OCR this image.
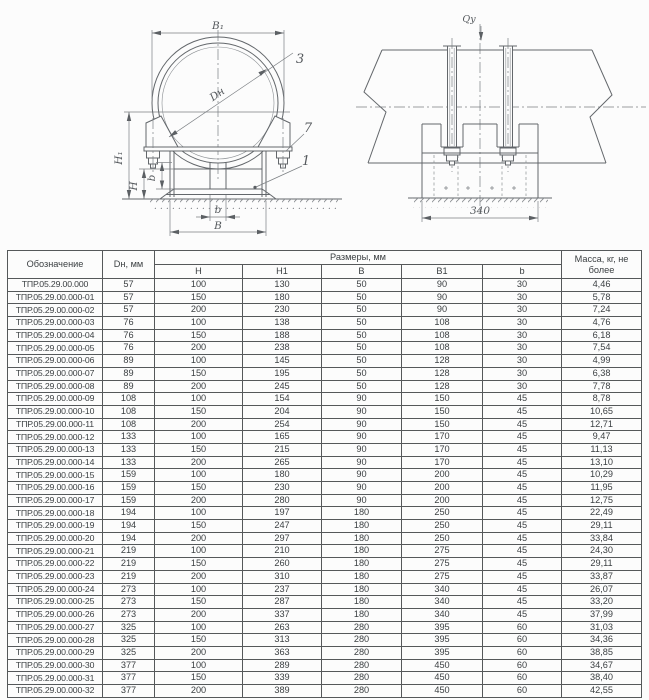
B₁
Dн
3
7
1
H₁
H
b
b
B
340
Qy
Обозначение	Dн, мм	Размеры, мм					Масса, кг, не более
		Н	Н1	В	В1	b	
ТПР.05.29.00.000	57	100	130	50	90	30	4,46
ТПР.05.29.00.000-01	57	150	180	50	90	30	5,78
ТПР.05.29.00.000-02	57	200	230	50	90	30	7,24
ТПР.05.29.00.000-03	76	100	138	50	108	30	4,76
ТПР.05.29.00.000-04	76	150	188	50	108	30	6,18
ТПР.05.29.00.000-05	76	200	238	50	108	30	7,54
ТПР.05.29.00.000-06	89	100	145	50	128	30	4,99
ТПР.05.29.00.000-07	89	150	195	50	128	30	6,38
ТПР.05.29.00.000-08	89	200	245	50	128	30	7,78
ТПР.05.29.00.000-09	108	100	154	90	150	45	8,78
ТПР.05.29.00.000-10	108	150	204	90	150	45	10,65
ТПР.05.29.00.000-11	108	200	254	90	150	45	12,71
ТПР.05.29.00.000-12	133	100	165	90	170	45	9,47
ТПР.05.29.00.000-13	133	150	215	90	170	45	11,13
ТПР.05.29.00.000-14	133	200	265	90	170	45	13,10
ТПР.05.29.00.000-15	159	100	180	90	200	45	10,29
ТПР.05.29.00.000-16	159	150	230	90	200	45	11,95
ТПР.05.29.00.000-17	159	200	280	90	200	45	12,75
ТПР.05.29.00.000-18	194	100	197	180	250	45	22,49
ТПР.05.29.00.000-19	194	150	247	180	250	45	29,11
ТПР.05.29.00.000-20	194	200	297	180	250	45	33,84
ТПР.05.29.00.000-21	219	100	210	180	275	45	24,30
ТПР.05.29.00.000-22	219	150	260	180	275	45	29,11
ТПР.05.29.00.000-23	219	200	310	180	275	45	33,87
ТПР.05.29.00.000-24	273	100	237	180	340	45	26,07
ТПР.05.29.00.000-25	273	150	287	180	340	45	33,20
ТПР.05.29.00.000-26	273	200	337	180	340	45	37,99
ТПР.05.29.00.000-27	325	100	263	280	395	60	31,03
ТПР.05.29.00.000-28	325	150	313	280	395	60	34,36
ТПР.05.29.00.000-29	325	200	363	280	395	60	38,85
ТПР.05.29.00.000-30	377	100	289	280	450	60	34,67
ТПР.05.29.00.000-31	377	150	339	280	450	60	38,40
ТПР.05.29.00.000-32	377	200	389	280	450	60	42,55
